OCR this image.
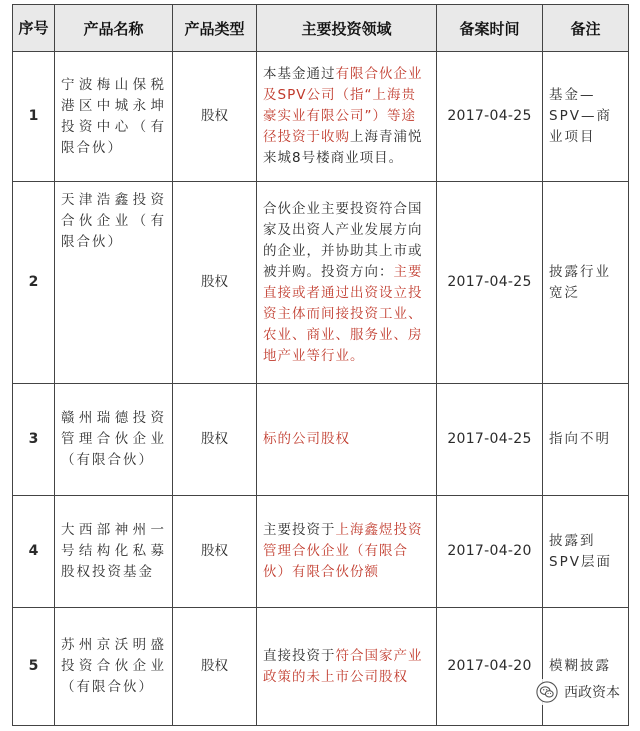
序号	产品名称	产品类型	主要投资领域	备案时间	备注
1	宁波梅山保税港区中城永坤投资中心（有限合伙）	股权	本基金通过有限合伙企业及SPV公司（指“上海贵豪实业有限公司”）等途径投资于收购上海青浦悦来城8号楼商业项目。	2017-04-25	基金—SPV—商业项目
2	天津浩鑫投资合伙企业（有限合伙）	股权	合伙企业主要投资符合国家及出资人产业发展方向的企业，并协助其上市或被并购。投资方向：主要直接或者通过出资设立投资主体而间接投资工业、农业、商业、服务业、房地产业等行业。	2017-04-25	披露行业宽泛
3	赣州瑞德投资管理合伙企业（有限合伙）	股权	标的公司股权	2017-04-25	指向不明
4	大西部神州一号结构化私募股权投资基金	股权	主要投资于上海鑫煜投资管理合伙企业（有限合伙）有限合伙份额	2017-04-20	披露到SPV层面
5	苏州京沃明盛投资合伙企业（有限合伙）	股权	直接投资于符合国家产业政策的未上市公司股权	2017-04-20	模糊披露
西政资本
